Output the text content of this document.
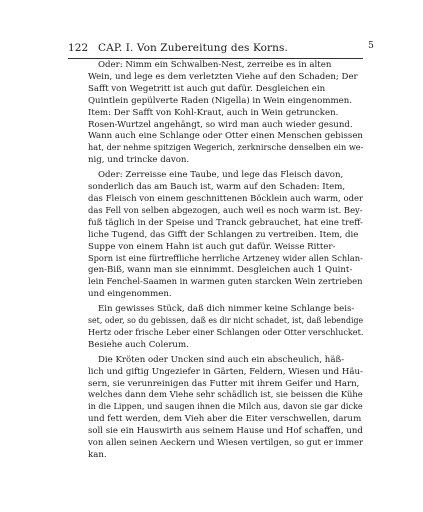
122 CAP. I. Von Zubereitung des Korns.	5

Oder: Nimm ein Schwalben-Nest, zerreibe es in alten
Wein, und lege es dem verletzten Viehe auf den Schaden; Der
Safft von Wegetritt ist auch gut dafür. Desgleichen ein
Quintlein gepülverte Raden (Nigella) in Wein eingenommen.
Item: Der Safft von Kohl-Kraut, auch in Wein getruncken.
Rosen-Wurtzel angehängt, so wird man auch wieder gesund.
Wann auch eine Schlange oder Otter einen Menschen gebissen
hat, der nehme spitzigen Wegerich, zerknirsche denselben ein we-
nig, und trincke davon.

Oder: Zerreisse eine Taube, und lege das Fleisch davon,
sonderlich das am Bauch ist, warm auf den Schaden: Item,
das Fleisch von einem geschnittenen Böcklein auch warm, oder
das Fell von selben abgezogen, auch weil es noch warm ist. Bey-
fuß täglich in der Speise und Tranck gebrauchet, hat eine treff-
liche Tugend, das Gifft der Schlangen zu vertreiben. Item, die
Suppe von einem Hahn ist auch gut dafür. Weisse Ritter-
Sporn ist eine fürtreffliche herrliche Artzeney wider allen Schlan-
gen-Biß, wann man sie einnimmt. Desgleichen auch 1 Quint-
lein Fenchel-Saamen in warmen guten starcken Wein zertrieben
und eingenommen.

Ein gewisses Stück, daß dich nimmer keine Schlange beis-
set, oder, so du gebissen, daß es dir nicht schadet, ist, daß lebendige
Hertz oder frische Leber einer Schlangen oder Otter verschlucket.
Besiehe auch Colerum.

Die Kröten oder Uncken sind auch ein abscheulich, häß-
lich und giftig Ungeziefer in Gärten, Feldern, Wiesen und Häu-
sern, sie verunreinigen das Futter mit ihrem Geifer und Harn,
welches dann dem Viehe sehr schädlich ist, sie beissen die Kühe
in die Lippen, und saugen ihnen die Milch aus, davon sie gar dicke
und fett werden, dem Vieh aber die Eiter verschwellen, darum
soll sie ein Hauswirth aus seinem Hause und Hof schaffen, und
von allen seinen Aeckern und Wiesen vertilgen, so gut er immer
kan.
